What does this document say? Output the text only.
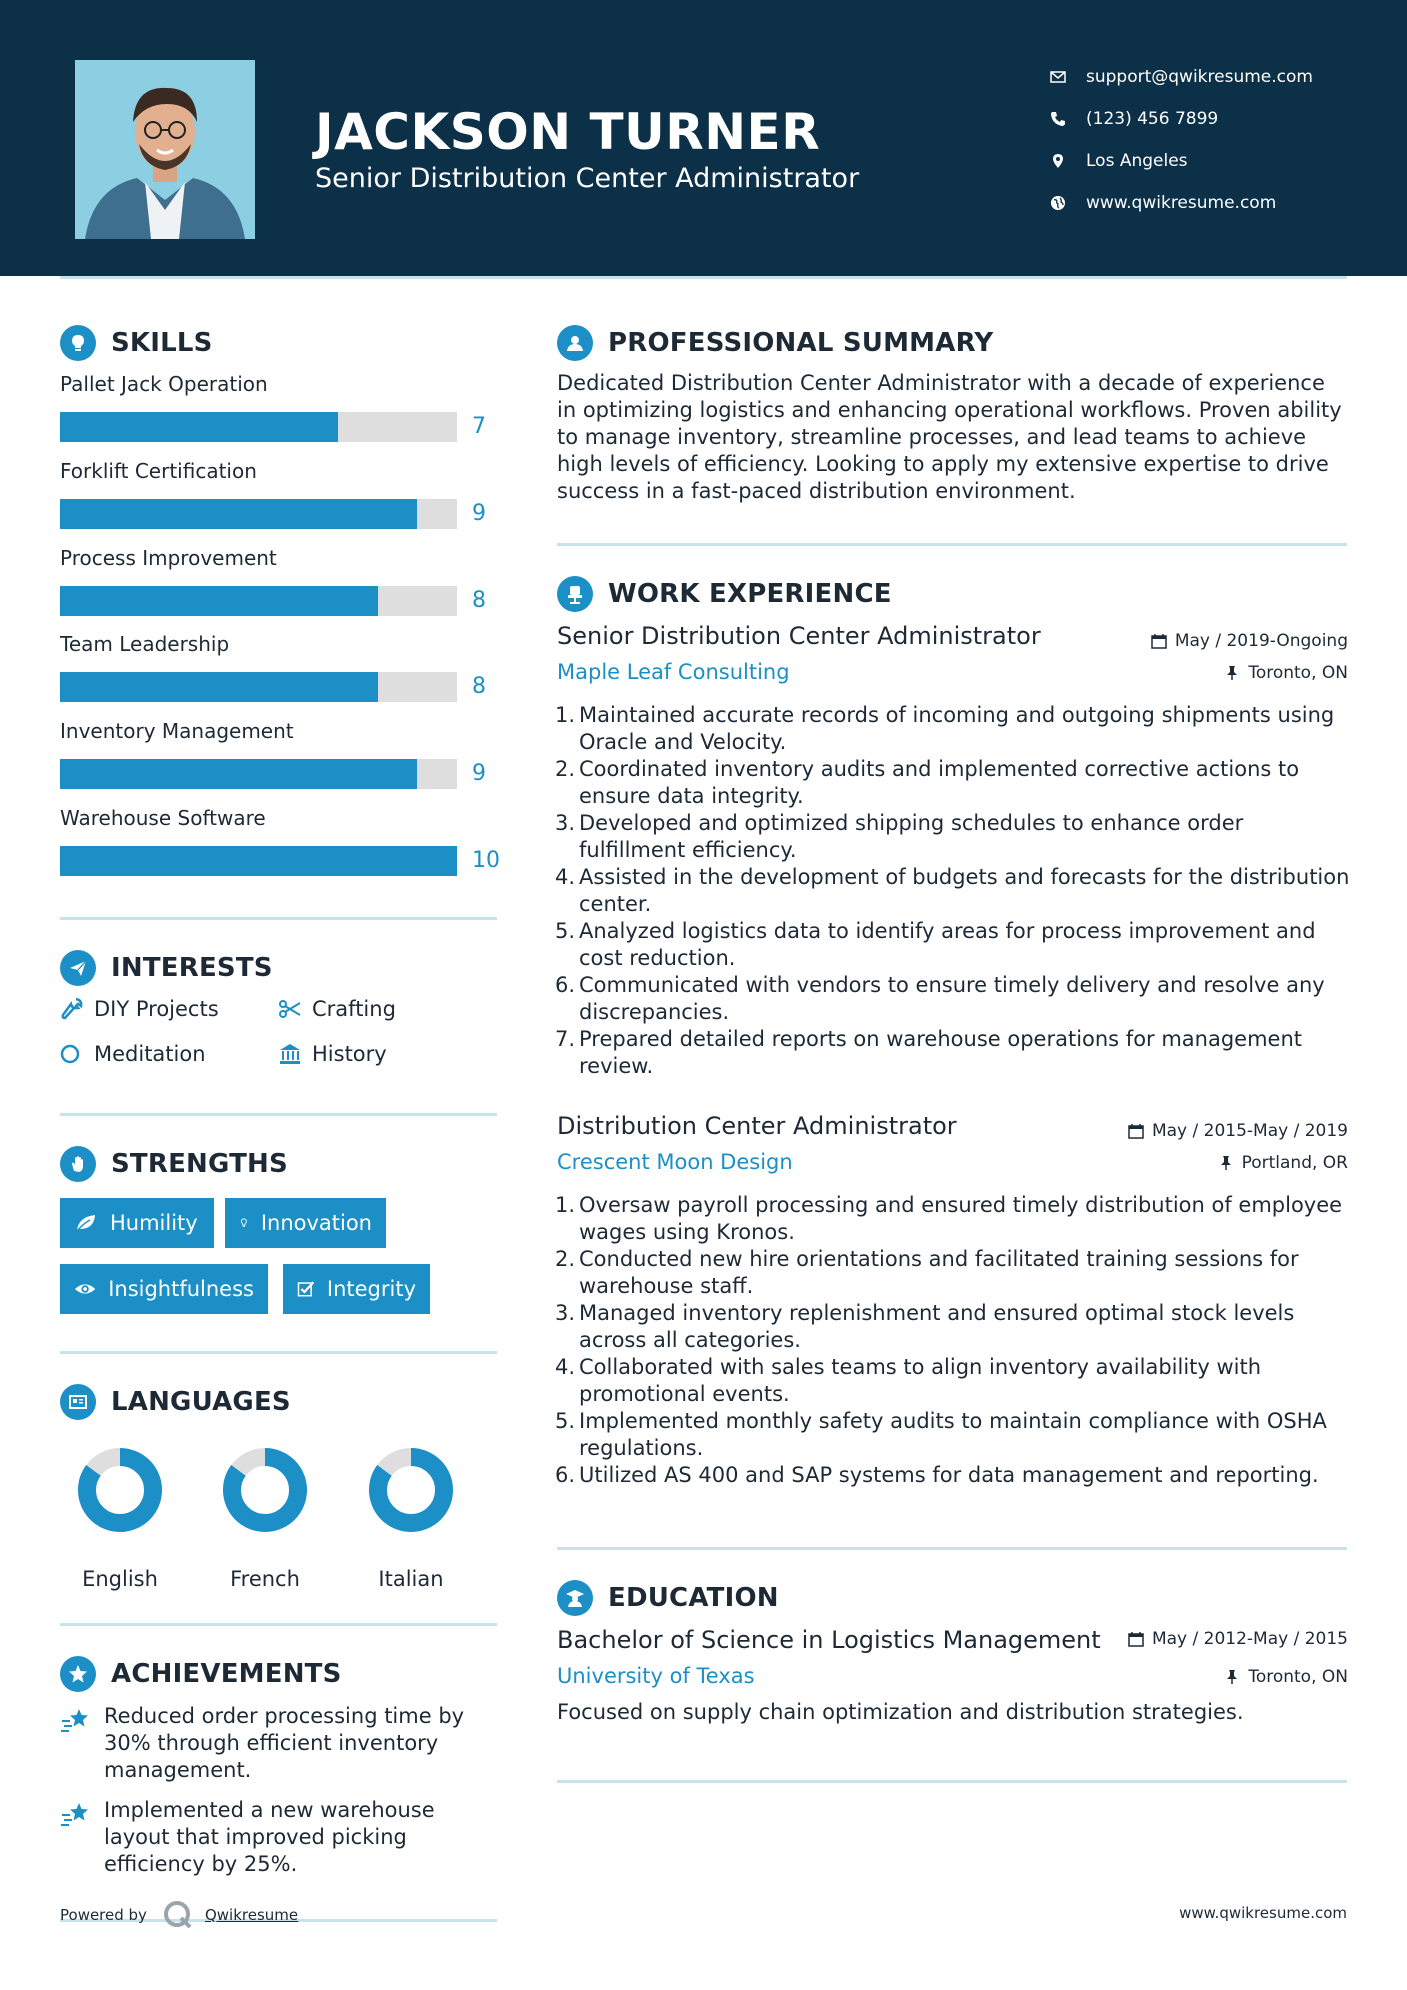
JACKSON TURNER
Senior Distribution Center Administrator
support@qwikresume.com
(123) 456 7899
Los Angeles
www.qwikresume.com
SKILLS
Pallet Jack Operation
7
Forklift Certification
9
Process Improvement
8
Team Leadership
8
Inventory Management
9
Warehouse Software
10
INTERESTS
DIY Projects	Crafting
Meditation	History
STRENGTHS
Humility	Innovation
Insightfulness	Integrity
LANGUAGES
English	French	Italian
ACHIEVEMENTS
Reduced order processing time by 30% through efficient inventory management.
Implemented a new warehouse layout that improved picking efficiency by 25%.
Powered by	Qwikresume	www.qwikresume.com
PROFESSIONAL SUMMARY
Dedicated Distribution Center Administrator with a decade of experience in optimizing logistics and enhancing operational workflows. Proven ability to manage inventory, streamline processes, and lead teams to achieve high levels of efficiency. Looking to apply my extensive expertise to drive success in a fast-paced distribution environment.
WORK EXPERIENCE
Senior Distribution Center Administrator	May / 2019-Ongoing
Maple Leaf Consulting	Toronto, ON
1. Maintained accurate records of incoming and outgoing shipments using Oracle and Velocity.
2. Coordinated inventory audits and implemented corrective actions to ensure data integrity.
3. Developed and optimized shipping schedules to enhance order fulfillment efficiency.
4. Assisted in the development of budgets and forecasts for the distribution center.
5. Analyzed logistics data to identify areas for process improvement and cost reduction.
6. Communicated with vendors to ensure timely delivery and resolve any discrepancies.
7. Prepared detailed reports on warehouse operations for management review.
Distribution Center Administrator	May / 2015-May / 2019
Crescent Moon Design	Portland, OR
1. Oversaw payroll processing and ensured timely distribution of employee wages using Kronos.
2. Conducted new hire orientations and facilitated training sessions for warehouse staff.
3. Managed inventory replenishment and ensured optimal stock levels across all categories.
4. Collaborated with sales teams to align inventory availability with promotional events.
5. Implemented monthly safety audits to maintain compliance with OSHA regulations.
6. Utilized AS 400 and SAP systems for data management and reporting.
EDUCATION
Bachelor of Science in Logistics Management	May / 2012-May / 2015
University of Texas	Toronto, ON
Focused on supply chain optimization and distribution strategies.
